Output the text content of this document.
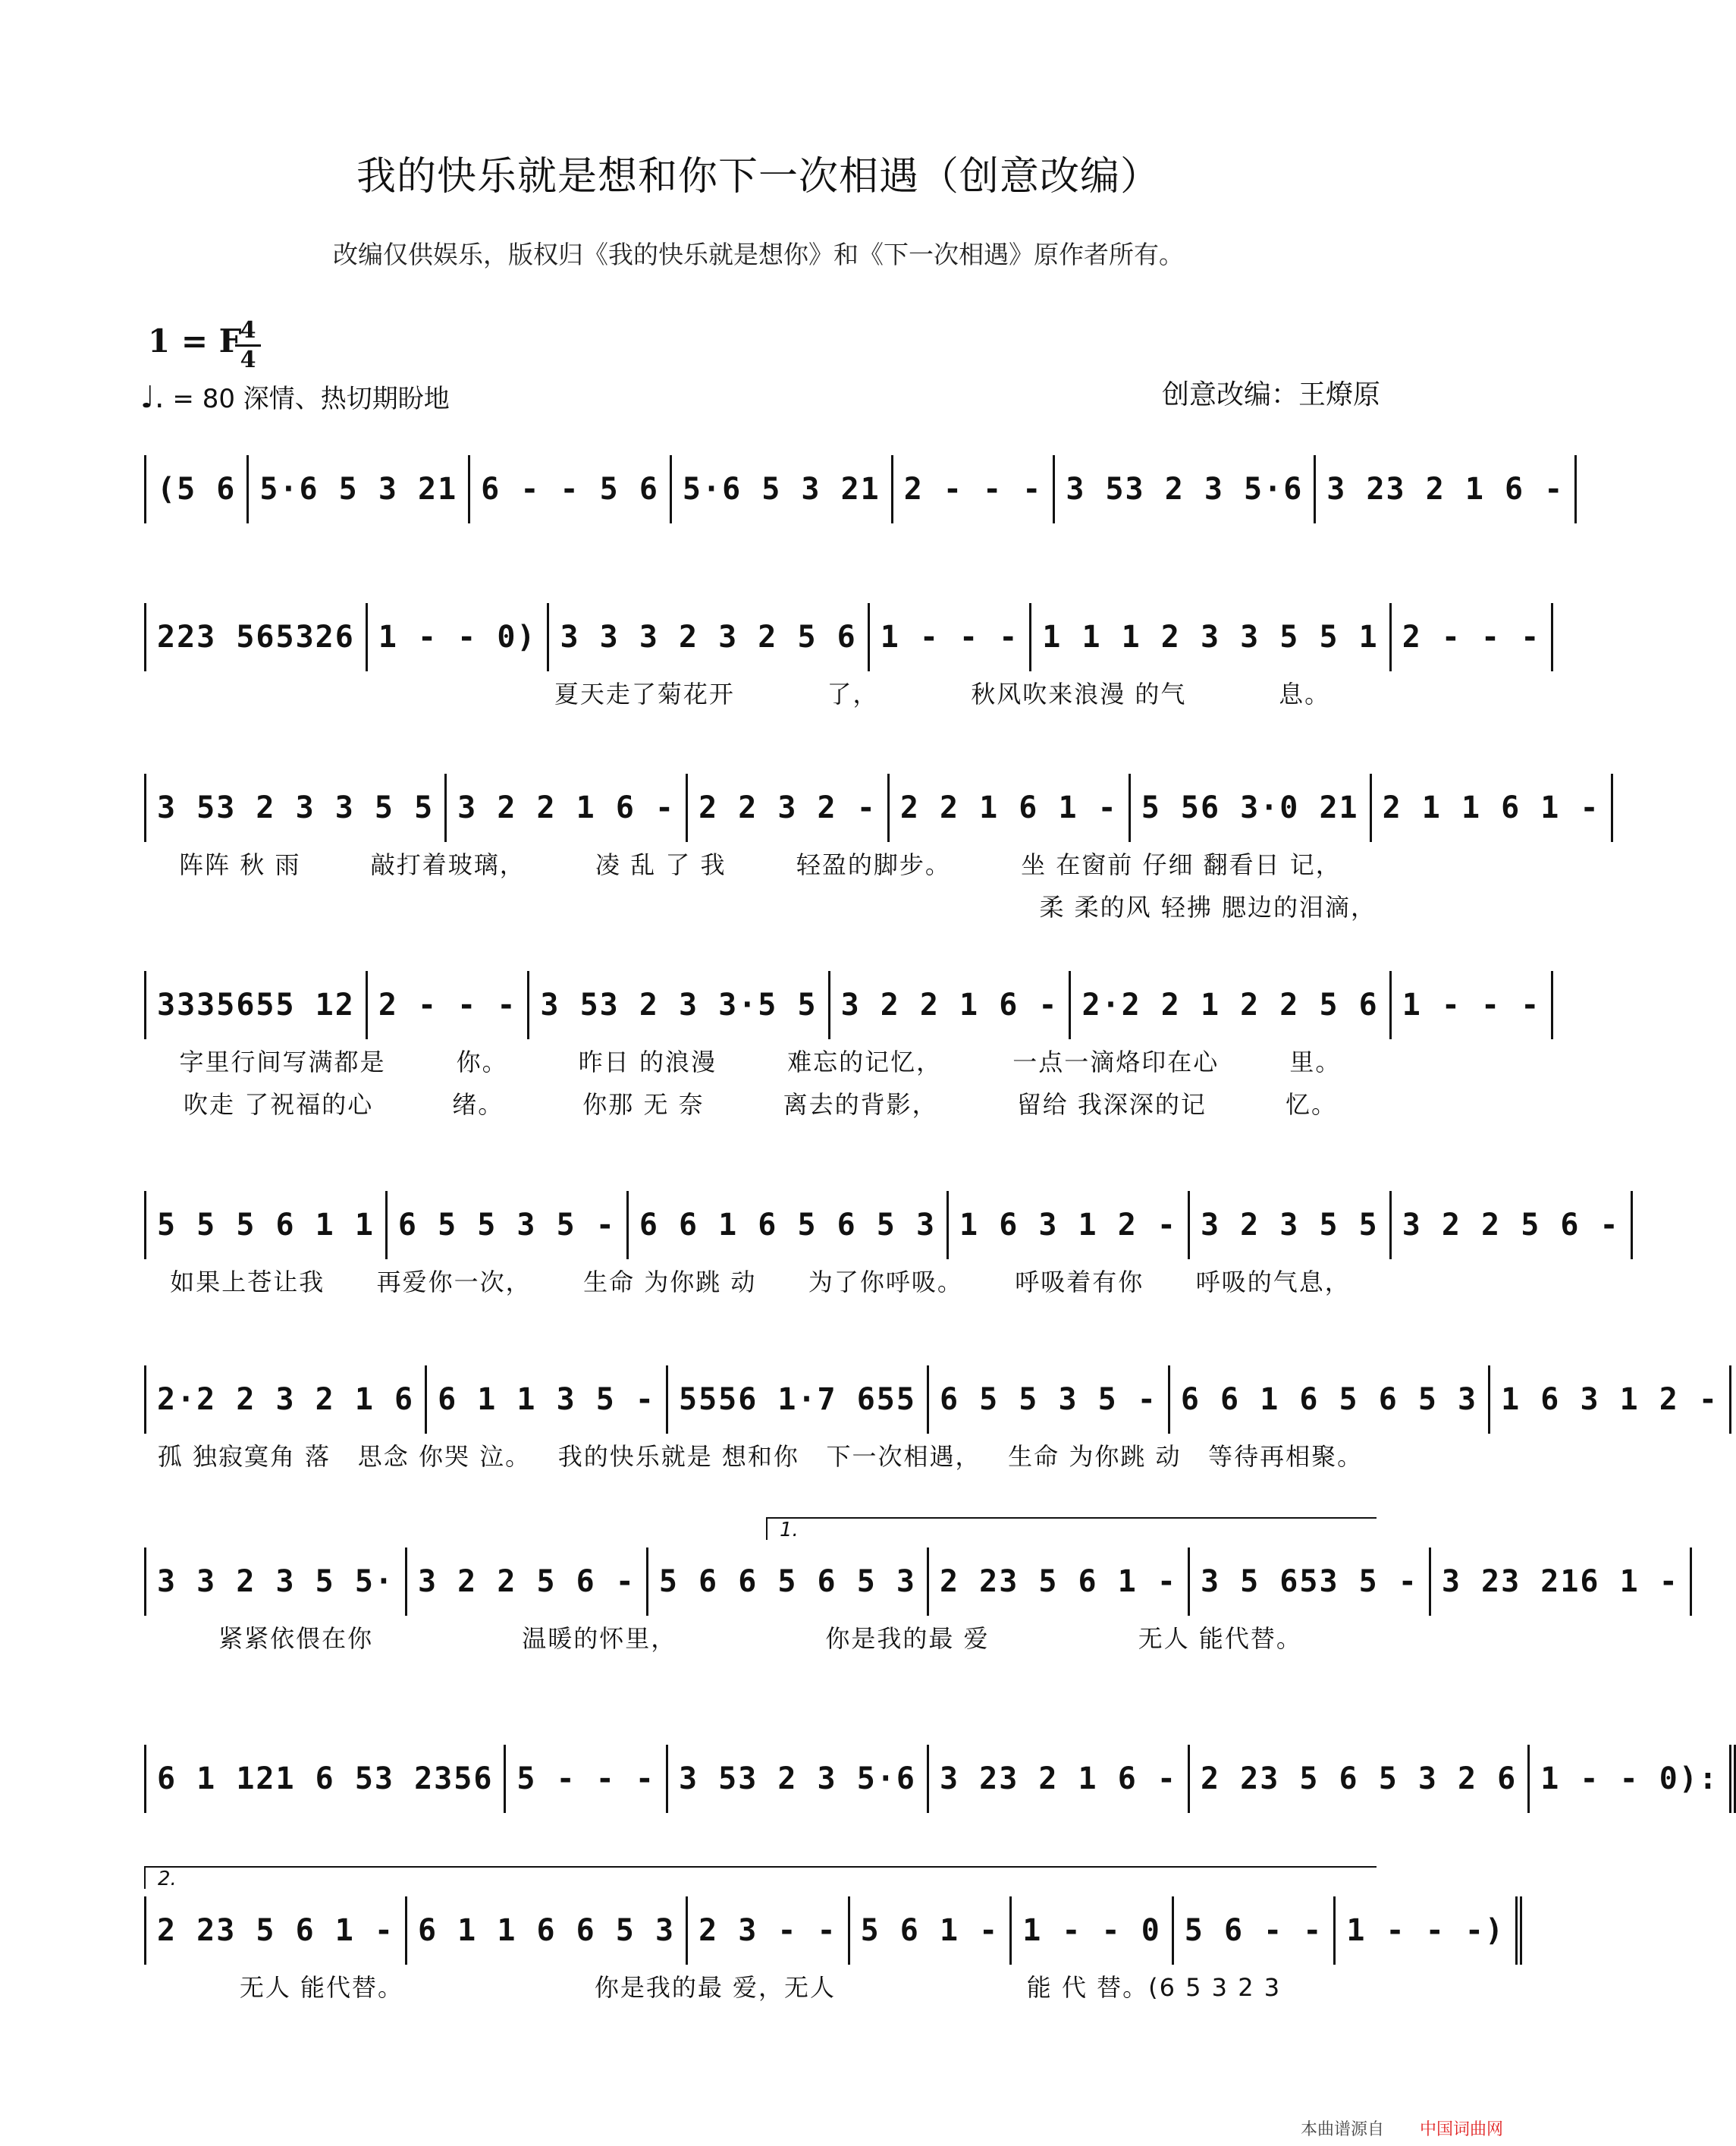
我的快乐就是想和你下一次相遇（创意改编）
改编仅供娱乐，版权归《我的快乐就是想你》和《下一次相遇》原作者所有。
1 = F
4
4
♩. = 80 深情、热切期盼地	创意改编：王燎原
(5 6 5·6 5 3 21 6 - - 5 6 5·6 5 3 21 2 - - - 3 53 2 3 5·6 3 23 2 1 6 -
223 565326 1 - - 0) 3 3 3 2 3 2 5 6 1 - - - 1 1 1 2 3 3 5 5 1 2 - - -
夏天走了菊花开	了，	秋风吹来浪漫 的气	息。
3 53 2 3 3 5 5 3 2 2 1 6 - 2 2 3 2 - 2 2 1 6 1 - 5 56 3·0 21 2 1 1 6 1 -
阵阵 秋 雨	敲打着玻璃，	凌 乱 了 我	轻盈的脚步。	坐 在窗前 仔细 翻看日 记，
柔 柔的风 轻拂 腮边的泪滴，
3335655 12 2 - - - 3 53 2 3 3·5 5 3 2 2 1 6 - 2·2 2 1 2 2 5 6 1 - - -
字里行间写满都是	你。	昨日 的浪漫	难忘的记忆，	一点一滴烙印在心	里。
吹走 了祝福的心	绪。	你那 无 奈	离去的背影，	留给 我深深的记	忆。
5 5 5 6 1 1 6 5 5 3 5 - 6 6 1 6 5 6 5 3 1 6 3 1 2 - 3 2 3 5 5 3 2 2 5 6 -
如果上苍让我 再爱你一次， 生命 为你跳 动 为了你呼吸。 呼吸着有你 呼吸的气息，
2·2 2 3 2 1 6 6 1 1 3 5 - 5556 1·7 655 6 5 5 3 5 - 6 6 1 6 5 6 5 3 1 6 3 1 2 -
孤 独寂寞角 落 思念 你哭 泣。 我的快乐就是 想和你 下一次相遇， 生命 为你跳 动 等待再相聚。
1.
3 3 2 3 5 5· 3 2 2 5 6 - 5 6 6 5 6 5 3 2 23 5 6 1 - 3 5 653 5 - 3 23 216 1 -
紧紧依偎在你	温暖的怀里，	你是我的最 爱	无人 能代替。
6 1 121 6 53 2356 5 - - - 3 53 2 3 5·6 3 23 2 1 6 - 2 23 5 6 5 3 2 6 1 - - 0):
2.
2 23 5 6 1 - 6 1 1 6 6 5 3 2 3 - - 5 6 1 - 1 - - 0 5 6 - - 1 - - -)
无人 能代替。	你是我的最 爱，无人	能 代 替。(6 5 3 2 3
本曲谱源自 中国词曲网
